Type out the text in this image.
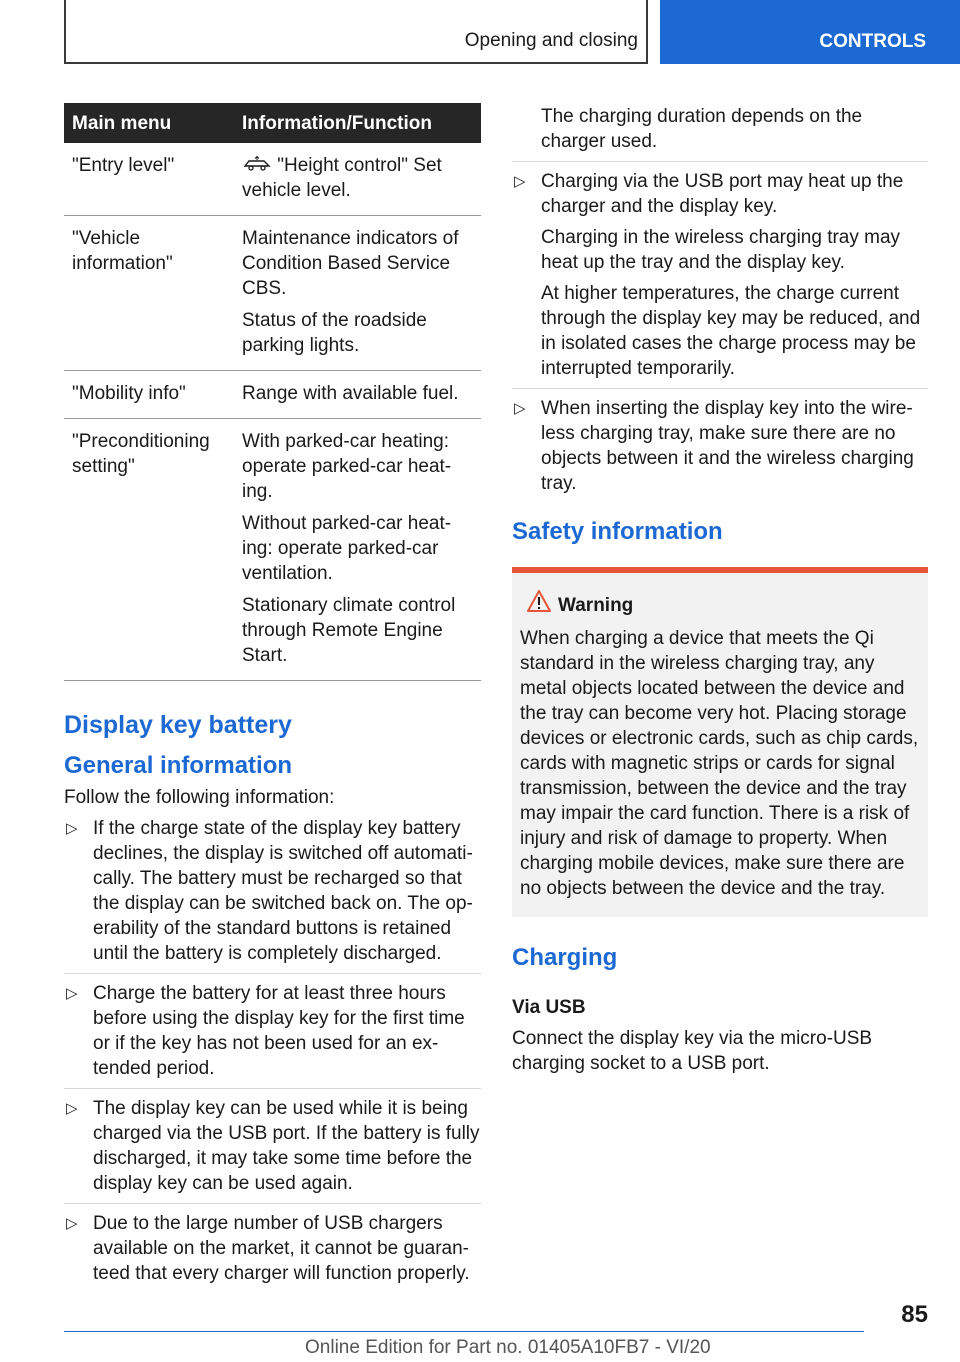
Opening and closing	CONTROLS
Main menu	Information/Function
"Entry level"	"Height control" Set vehicle level.

"Vehicle information"	Maintenance indicators of Condition Based Service CBS.

Status of the roadside parking lights.

"Mobility info"	Range with available fuel.

"Preconditioning setting"	With parked-car heating: operate parked-car heat-ing.

Without parked-car heat-ing: operate parked-car ventilation.

Stationary climate control through Remote Engine Start.

Display key battery
General information

Follow the following information:

▷ If the charge state of the display key battery declines, the display is switched off automati-cally. The battery must be recharged so that the display can be switched back on. The op-erability of the standard buttons is retained until the battery is completely discharged.

▷ Charge the battery for at least three hours before using the display key for the first time or if the key has not been used for an ex-tended period.

▷ The display key can be used while it is being charged via the USB port. If the battery is fully discharged, it may take some time before the display key can be used again.

▷ Due to the large number of USB chargers available on the market, it cannot be guaran-teed that every charger will function properly.

The charging duration depends on the charger used.

▷ Charging via the USB port may heat up the charger and the display key.

Charging in the wireless charging tray may heat up the tray and the display key.

At higher temperatures, the charge current through the display key may be reduced, and in isolated cases the charge process may be interrupted temporarily.

▷ When inserting the display key into the wire-less charging tray, make sure there are no objects between it and the wireless charging tray.

Safety information
Warning
When charging a device that meets the Qi standard in the wireless charging tray, any metal objects located between the device and the tray can become very hot. Placing storage devices or electronic cards, such as chip cards, cards with magnetic strips or cards for signal transmission, between the device and the tray may impair the card function. There is a risk of injury and risk of damage to property. When charging mobile devices, make sure there are no objects between the device and the tray.
Charging
Via USB

Connect the display key via the micro-USB charging socket to a USB port.

85
Online Edition for Part no. 01405A10FB7 - VI/20
